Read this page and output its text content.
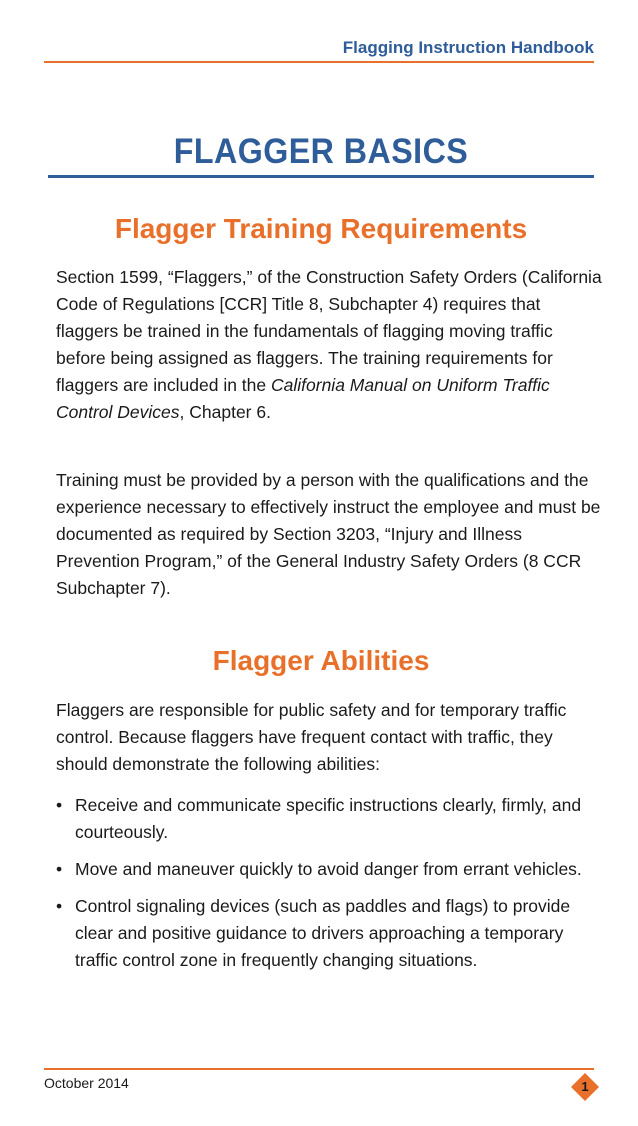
Flagging Instruction Handbook
FLAGGER BASICS
Flagger Training Requirements

Section 1599, “Flaggers,” of the Construction Safety Orders (California Code of Regulations [CCR] Title 8, Subchapter 4) requires that flaggers be trained in the fundamentals of flagging moving traffic before being assigned as flaggers. The training requirements for flaggers are included in the California Manual on Uniform Traffic Control Devices, Chapter 6.

Training must be provided by a person with the qualifications and the experience necessary to effectively instruct the employee and must be documented as required by Section 3203, “Injury and Illness Prevention Program,” of the General Industry Safety Orders (8 CCR Subchapter 7).

Flagger Abilities

Flaggers are responsible for public safety and for temporary traffic control. Because flaggers have frequent contact with traffic, they should demonstrate the following abilities:

• Receive and communicate specific instructions clearly, firmly, and courteously.
• Move and maneuver quickly to avoid danger from errant vehicles.
• Control signaling devices (such as paddles and flags) to provide clear and positive guidance to drivers approaching a temporary traffic control zone in frequently changing situations.
October 2014	1
